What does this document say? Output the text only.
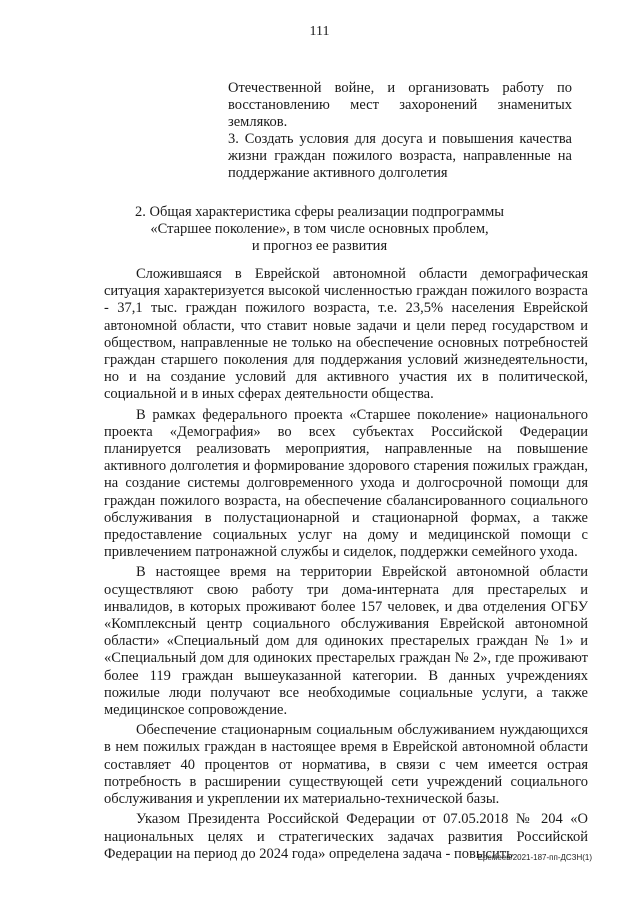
111

Отечественной войне, и организовать работу по восстановлению мест захоронений знаменитых земляков.

3. Создать условия для досуга и повышения качества жизни граждан пожилого возраста, направленные на поддержание активного долголетия

2. Общая характеристика сферы реализации подпрограммы
«Старшее поколение», в том числе основных проблем,
и прогноз ее развития

Сложившаяся в Еврейской автономной области демографическая ситуация характеризуется высокой численностью граждан пожилого возраста - 37,1 тыс. граждан пожилого возраста, т.е. 23,5% населения Еврейской автономной области, что ставит новые задачи и цели перед государством и обществом, направленные не только на обеспечение основных потребностей граждан старшего поколения для поддержания условий жизнедеятельности, но и на создание условий для активного участия их в политической, социальной и в иных сферах деятельности общества.

В рамках федерального проекта «Старшее поколение» национального проекта «Демография» во всех субъектах Российской Федерации планируется реализовать мероприятия, направленные на повышение активного долголетия и формирование здорового старения пожилых граждан, на создание системы долговременного ухода и долгосрочной помощи для граждан пожилого возраста, на обеспечение сбалансированного социального обслуживания в полустационарной и стационарной формах, а также предоставление социальных услуг на дому и медицинской помощи с привлечением патронажной службы и сиделок, поддержки семейного ухода.

В настоящее время на территории Еврейской автономной области осуществляют свою работу три дома-интерната для престарелых и инвалидов, в которых проживают более 157 человек, и два отделения ОГБУ «Комплексный центр социального обслуживания Еврейской автономной области» «Специальный дом для одиноких престарелых граждан № 1» и «Специальный дом для одиноких престарелых граждан № 2», где проживают более 119 граждан вышеуказанной категории. В данных учреждениях пожилые люди получают все необходимые социальные услуги, а также медицинское сопровождение.

Обеспечение стационарным социальным обслуживанием нуждающихся в нем пожилых граждан в настоящее время в Еврейской автономной области составляет 40 процентов от норматива, в связи с чем имеется острая потребность в расширении существующей сети учреждений социального обслуживания и укреплении их материально-технической базы.

Указом Президента Российской Федерации от 07.05.2018 № 204 «О национальных целях и стратегических задачах развития Российской Федерации на период до 2024 года» определена задача - повысить

Еремеев/2021-187-пп-ДСЗН(1)
